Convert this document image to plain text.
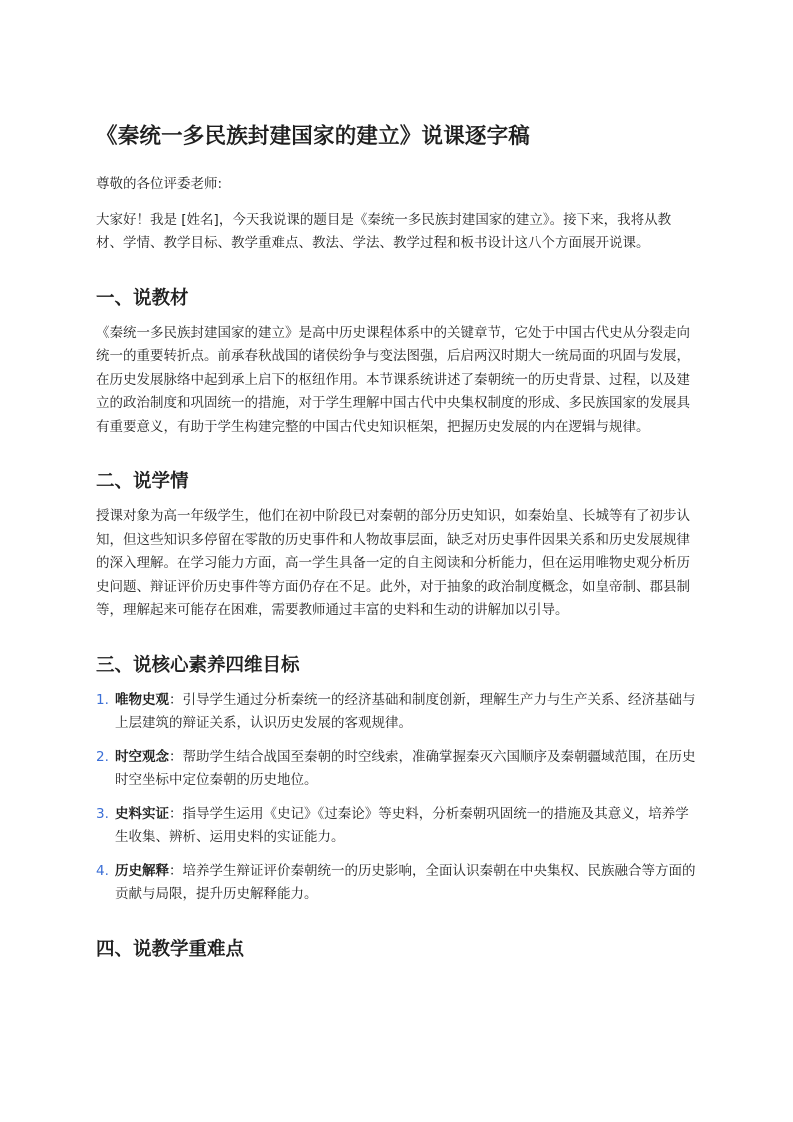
《秦统一多民族封建国家的建立》说课逐字稿

尊敬的各位评委老师:

大家好！我是 [姓名]，今天我说课的题目是《秦统一多民族封建国家的建立》。接下来，我将从教材、学情、教学目标、教学重难点、教法、学法、教学过程和板书设计这八个方面展开说课。

一、说教材

《秦统一多民族封建国家的建立》是高中历史课程体系中的关键章节，它处于中国古代史从分裂走向统一的重要转折点。前承春秋战国的诸侯纷争与变法图强，后启两汉时期大一统局面的巩固与发展，在历史发展脉络中起到承上启下的枢纽作用。本节课系统讲述了秦朝统一的历史背景、过程，以及建立的政治制度和巩固统一的措施，对于学生理解中国古代中央集权制度的形成、多民族国家的发展具有重要意义，有助于学生构建完整的中国古代史知识框架，把握历史发展的内在逻辑与规律。

二、说学情

授课对象为高一年级学生，他们在初中阶段已对秦朝的部分历史知识，如秦始皇、长城等有了初步认知，但这些知识多停留在零散的历史事件和人物故事层面，缺乏对历史事件因果关系和历史发展规律的深入理解。在学习能力方面，高一学生具备一定的自主阅读和分析能力，但在运用唯物史观分析历史问题、辩证评价历史事件等方面仍存在不足。此外，对于抽象的政治制度概念，如皇帝制、郡县制等，理解起来可能存在困难，需要教师通过丰富的史料和生动的讲解加以引导。

三、说核心素养四维目标
1. 唯物史观：引导学生通过分析秦统一的经济基础和制度创新，理解生产力与生产关系、经济基础与上层建筑的辩证关系，认识历史发展的客观规律。
2. 时空观念：帮助学生结合战国至秦朝的时空线索，准确掌握秦灭六国顺序及秦朝疆域范围，在历史时空坐标中定位秦朝的历史地位。
3. 史料实证：指导学生运用《史记》《过秦论》等史料，分析秦朝巩固统一的措施及其意义，培养学生收集、辨析、运用史料的实证能力。
4. 历史解释：培养学生辩证评价秦朝统一的历史影响，全面认识秦朝在中央集权、民族融合等方面的贡献与局限，提升历史解释能力。
四、说教学重难点
